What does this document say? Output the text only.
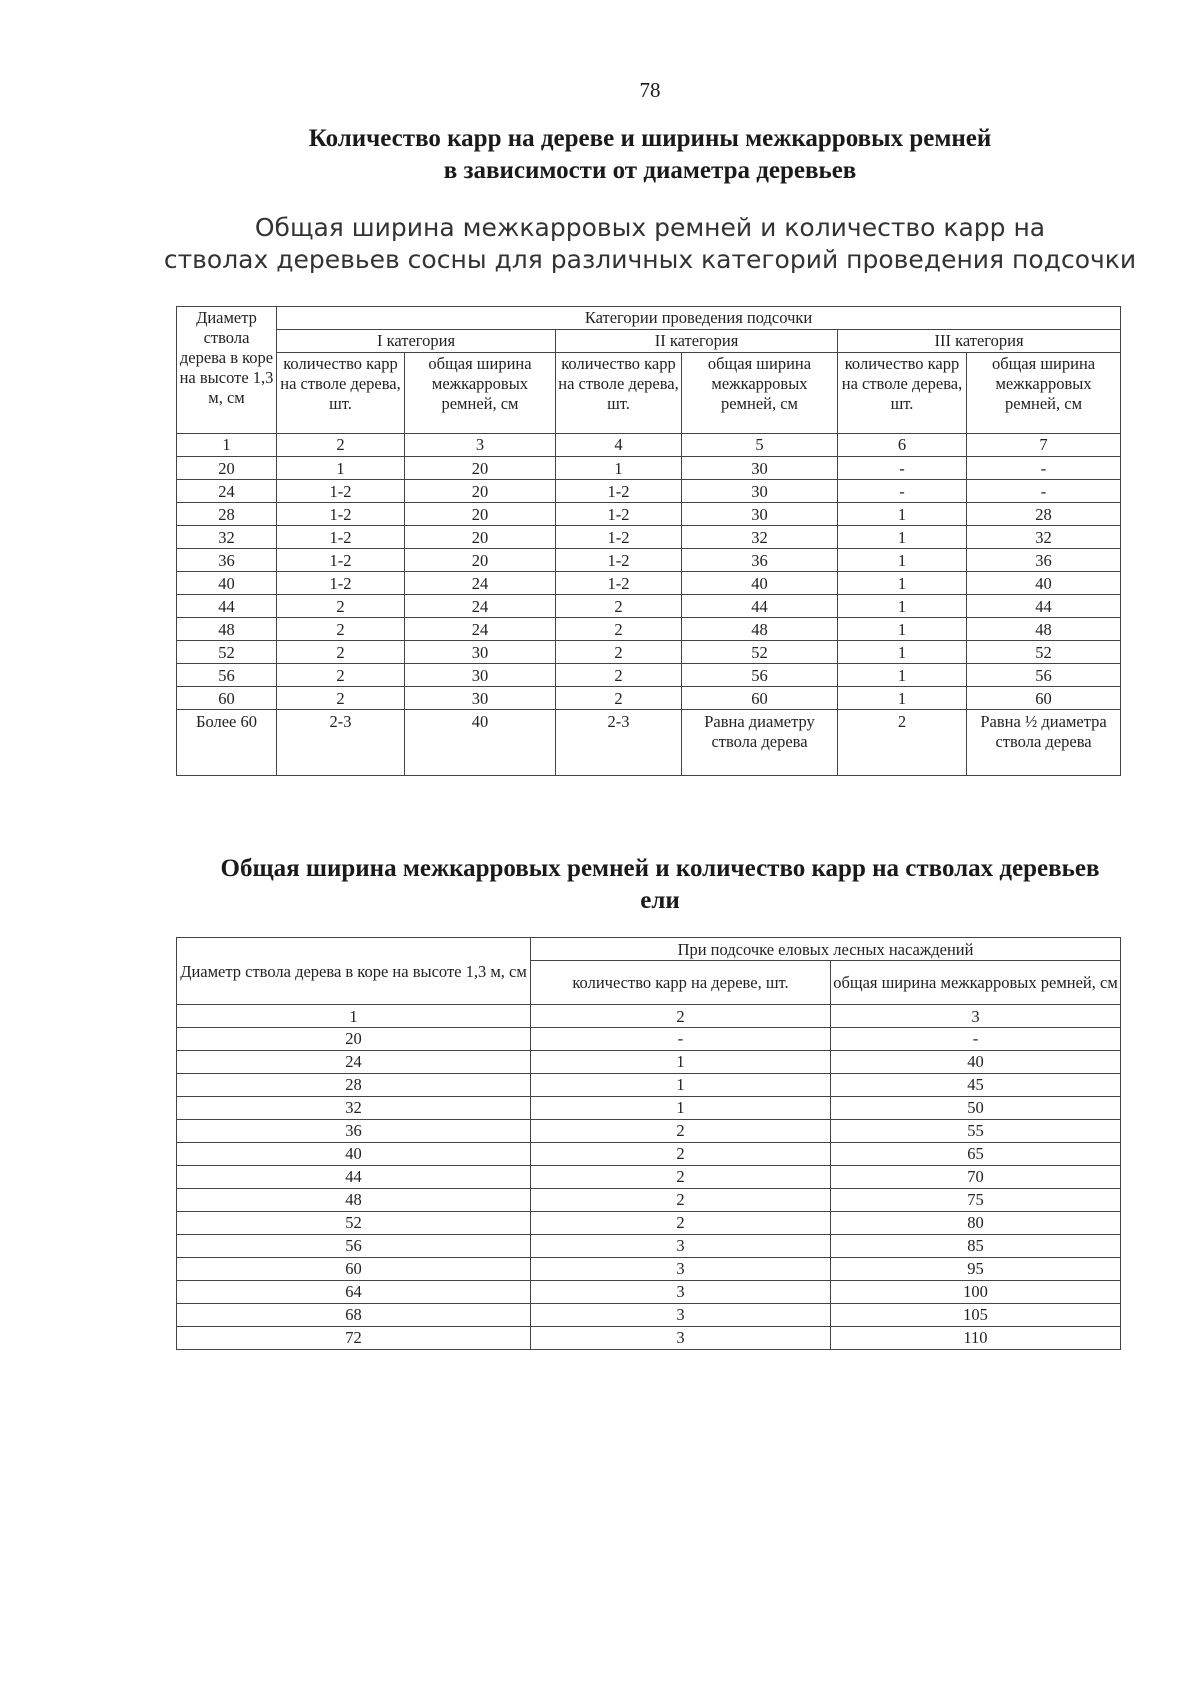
78
Количество карр на дереве и ширины межкарровых ремней
в зависимости от диаметра деревьев
Общая ширина межкарровых ремней и количество карр на
стволах деревьев сосны для различных категорий проведения подсочки
Диаметр ствола дерева в коре на высоте 1,3 м, см	Категории проведения подсочки					
	I категория		II категория		III категория	
	количество карр на стволе дерева, шт.	общая ширина межкарровых ремней, см	количество карр на стволе дерева, шт.	общая ширина межкарровых ремней, см	количество карр на стволе дерева, шт.	общая ширина межкарровых ремней, см
1	2	3	4	5	6	7
20	1	20	1	30	-	-
24	1-2	20	1-2	30	-	-
28	1-2	20	1-2	30	1	28
32	1-2	20	1-2	32	1	32
36	1-2	20	1-2	36	1	36
40	1-2	24	1-2	40	1	40
44	2	24	2	44	1	44
48	2	24	2	48	1	48
52	2	30	2	52	1	52
56	2	30	2	56	1	56
60	2	30	2	60	1	60
Более 60	2-3	40	2-3	Равна диаметру ствола дерева	2	Равна ½ диаметра ствола дерева
Общая ширина межкарровых ремней и количество карр на стволах деревьев ели
Диаметр ствола дерева в коре на высоте 1,3 м, см	При подсочке еловых лесных насаждений	
	количество карр на дереве, шт.	общая ширина межкарровых ремней, см
1	2	3
20	-	-
24	1	40
28	1	45
32	1	50
36	2	55
40	2	65
44	2	70
48	2	75
52	2	80
56	3	85
60	3	95
64	3	100
68	3	105
72	3	110
